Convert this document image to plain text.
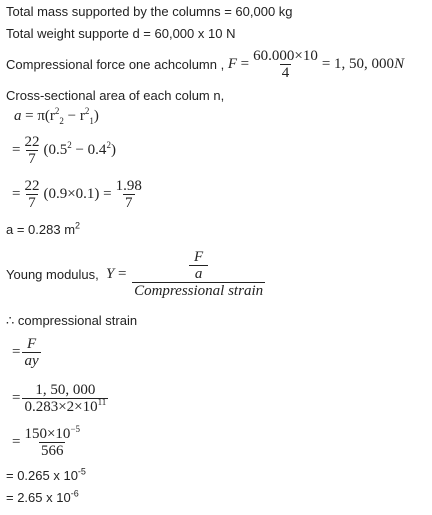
Total mass supported by the columns = 60,000 kg
Total weight supporte d = 60,000 x 10 N
Compressional force one achcolumn ,
F
= $\frac{60.000\times 10}{4} = 1$, 50, 000 N
Cross-sectional area of each colum n,
$a = \pi(r^2_2 - r^2_1)$
= $\frac{22}{7} (0.5^2 - 0.4^2)$
= $\frac{22}{7} (0.9\times 0.1) = \frac{1.98}{7}$
a = 0.283 $m^2$
Young modulus,
Y
=
F
a
Compressional strain
∴ compressional strain
= $\frac{F}{ay}$
= $\frac{1, 50, 000}{0.283\times 2\times 10^{11}}$
= $\frac{150\times 10^{-5}}{566}$
= 0.265 x $10^{-5}$
= 2.65 x $10^{-6}$
